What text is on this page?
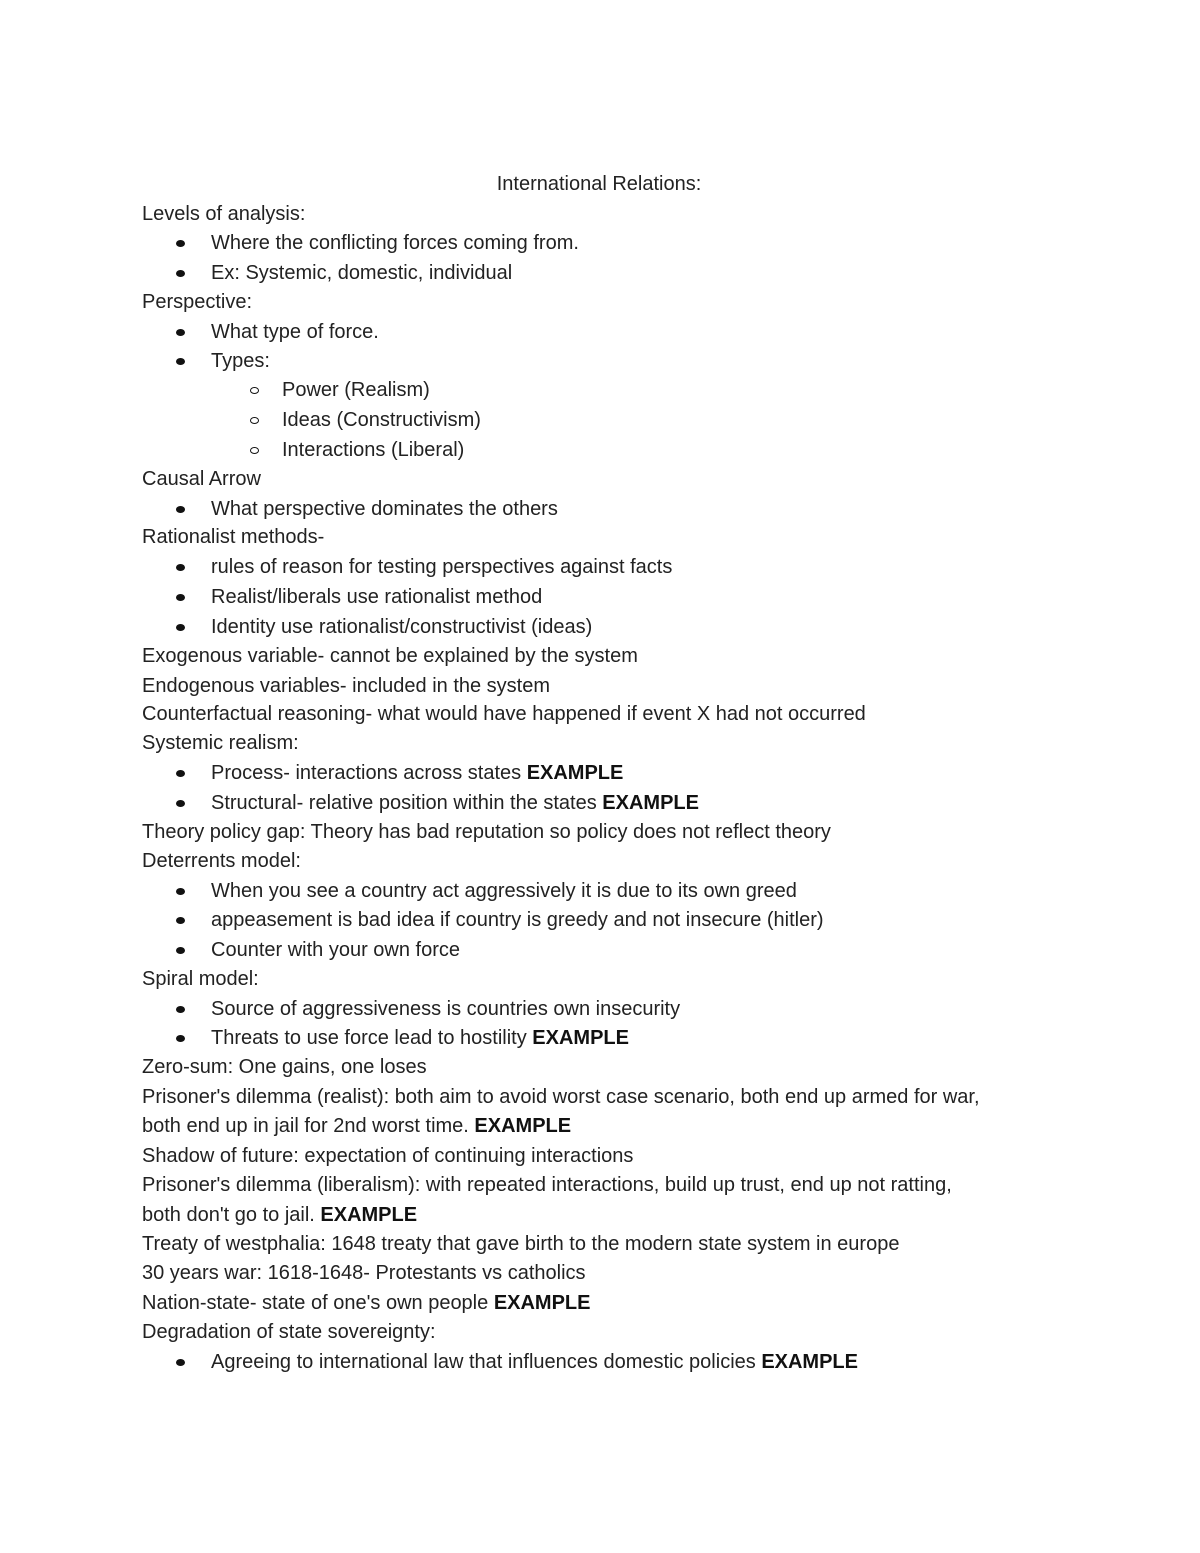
International Relations:
Levels of analysis:
Where the conflicting forces coming from.
Ex: Systemic, domestic, individual
Perspective:
What type of force.
Types:
Power (Realism)
Ideas (Constructivism)
Interactions (Liberal)
Causal Arrow
What perspective dominates the others
Rationalist methods-
rules of reason for testing perspectives against facts
Realist/liberals use rationalist method
Identity use rationalist/constructivist (ideas)
Exogenous variable- cannot be explained by the system
Endogenous variables- included in the system
Counterfactual reasoning- what would have happened if event X had not occurred
Systemic realism:
Process- interactions across states EXAMPLE
Structural- relative position within the states EXAMPLE
Theory policy gap: Theory has bad reputation so policy does not reflect theory
Deterrents model:
When you see a country act aggressively it is due to its own greed
appeasement is bad idea if country is greedy and not insecure (hitler)
Counter with your own force
Spiral model:
Source of aggressiveness is countries own insecurity
Threats to use force lead to hostility EXAMPLE
Zero-sum: One gains, one loses
Prisoner's dilemma (realist): both aim to avoid worst case scenario, both end up armed for war,
both end up in jail for 2nd worst time. EXAMPLE
Shadow of future: expectation of continuing interactions
Prisoner's dilemma (liberalism): with repeated interactions, build up trust, end up not ratting,
both don't go to jail. EXAMPLE
Treaty of westphalia: 1648 treaty that gave birth to the modern state system in europe
30 years war: 1618-1648- Protestants vs catholics
Nation-state- state of one's own people EXAMPLE
Degradation of state sovereignty:
Agreeing to international law that influences domestic policies EXAMPLE
